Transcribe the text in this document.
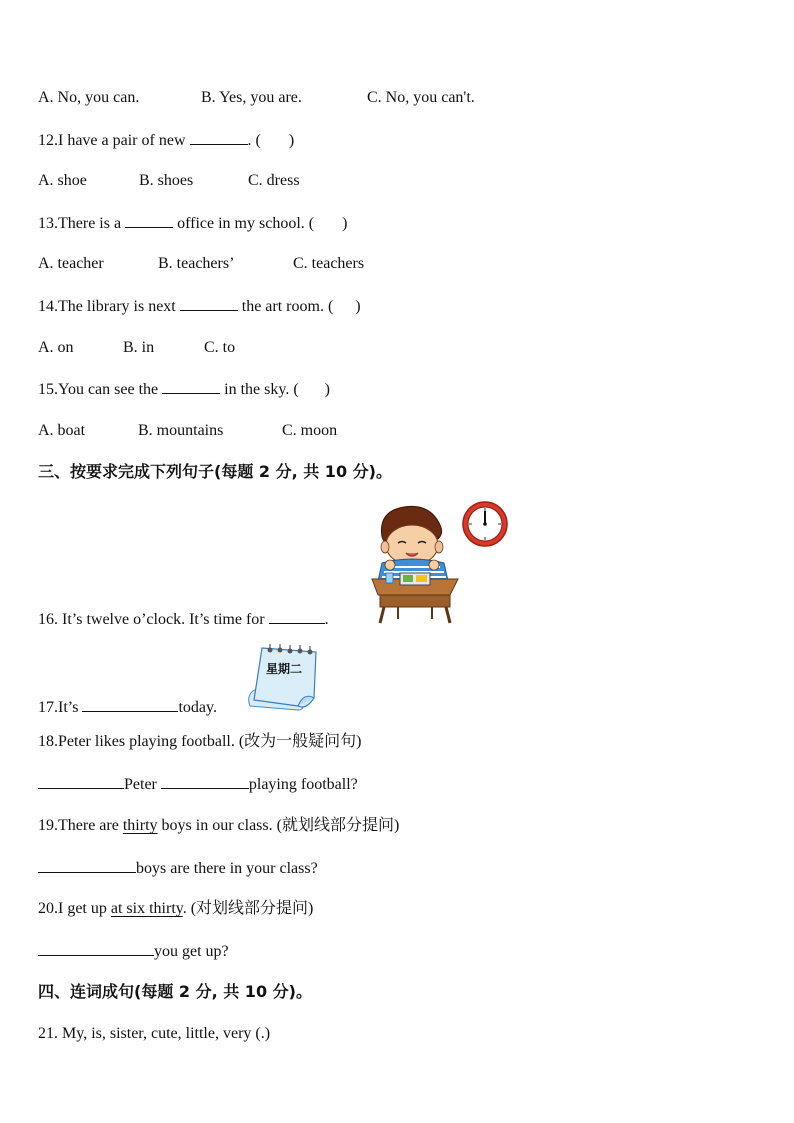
A. No, you can.	B. Yes, you are.	C. No, you can't.
12.I have a pair of new	. ( )
A. shoe	B. shoes	C. dress
13.There is a	office in my school. ( )
A. teacher	B. teachers’	C. teachers
14.The library is next	the art room. ( )
A. on	B. in	C. to
15.You can see the	in the sky. ( )
A. boat	B. mountains	C. moon
三、按要求完成下列句子(每题 2 分, 共 10 分)。
16. It’s twelve o’clock. It’s time for	.
星期二
17.It’s	today.
18.Peter likes playing football. (改为一般疑问句)
Peter	playing football?
19.There are thirty boys in our class. (就划线部分提问)
boys are there in your class?
20.I get up at six thirty. (对划线部分提问)
you get up?
四、连词成句(每题 2 分, 共 10 分)。
21. My, is, sister, cute, little, very (.)
